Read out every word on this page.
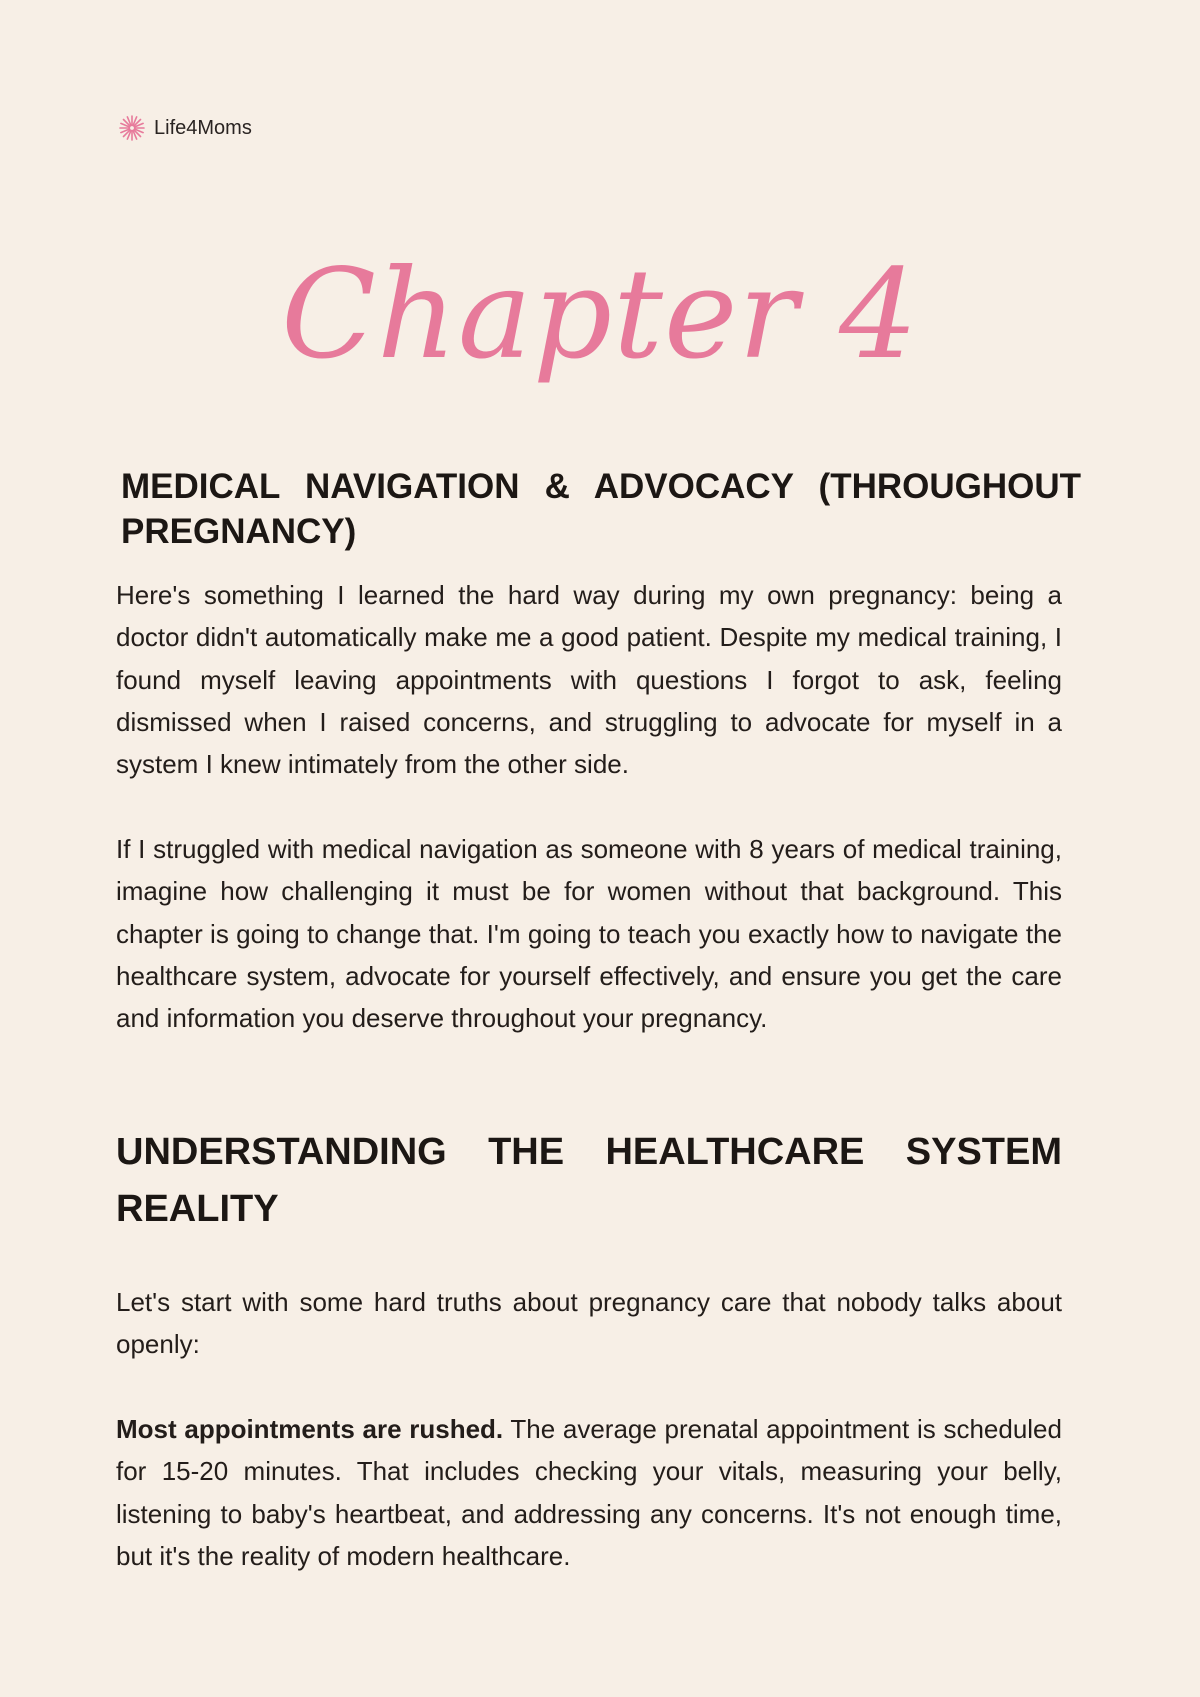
Life4Moms
Chapter 4
MEDICAL NAVIGATION & ADVOCACY (THROUGHOUT PREGNANCY)

Here's something I learned the hard way during my own pregnancy: being a doctor didn't automatically make me a good patient. Despite my medical training, I found myself leaving appointments with questions I forgot to ask, feeling dismissed when I raised concerns, and struggling to advocate for myself in a system I knew intimately from the other side.

If I struggled with medical navigation as someone with 8 years of medical training, imagine how challenging it must be for women without that background. This chapter is going to change that. I'm going to teach you exactly how to navigate the healthcare system, advocate for yourself effectively, and ensure you get the care and information you deserve throughout your pregnancy.

UNDERSTANDING THE HEALTHCARE SYSTEM REALITY

Let's start with some hard truths about pregnancy care that nobody talks about openly:

Most appointments are rushed. The average prenatal appointment is scheduled for 15-20 minutes. That includes checking your vitals, measuring your belly, listening to baby's heartbeat, and addressing any concerns. It's not enough time, but it's the reality of modern healthcare.
